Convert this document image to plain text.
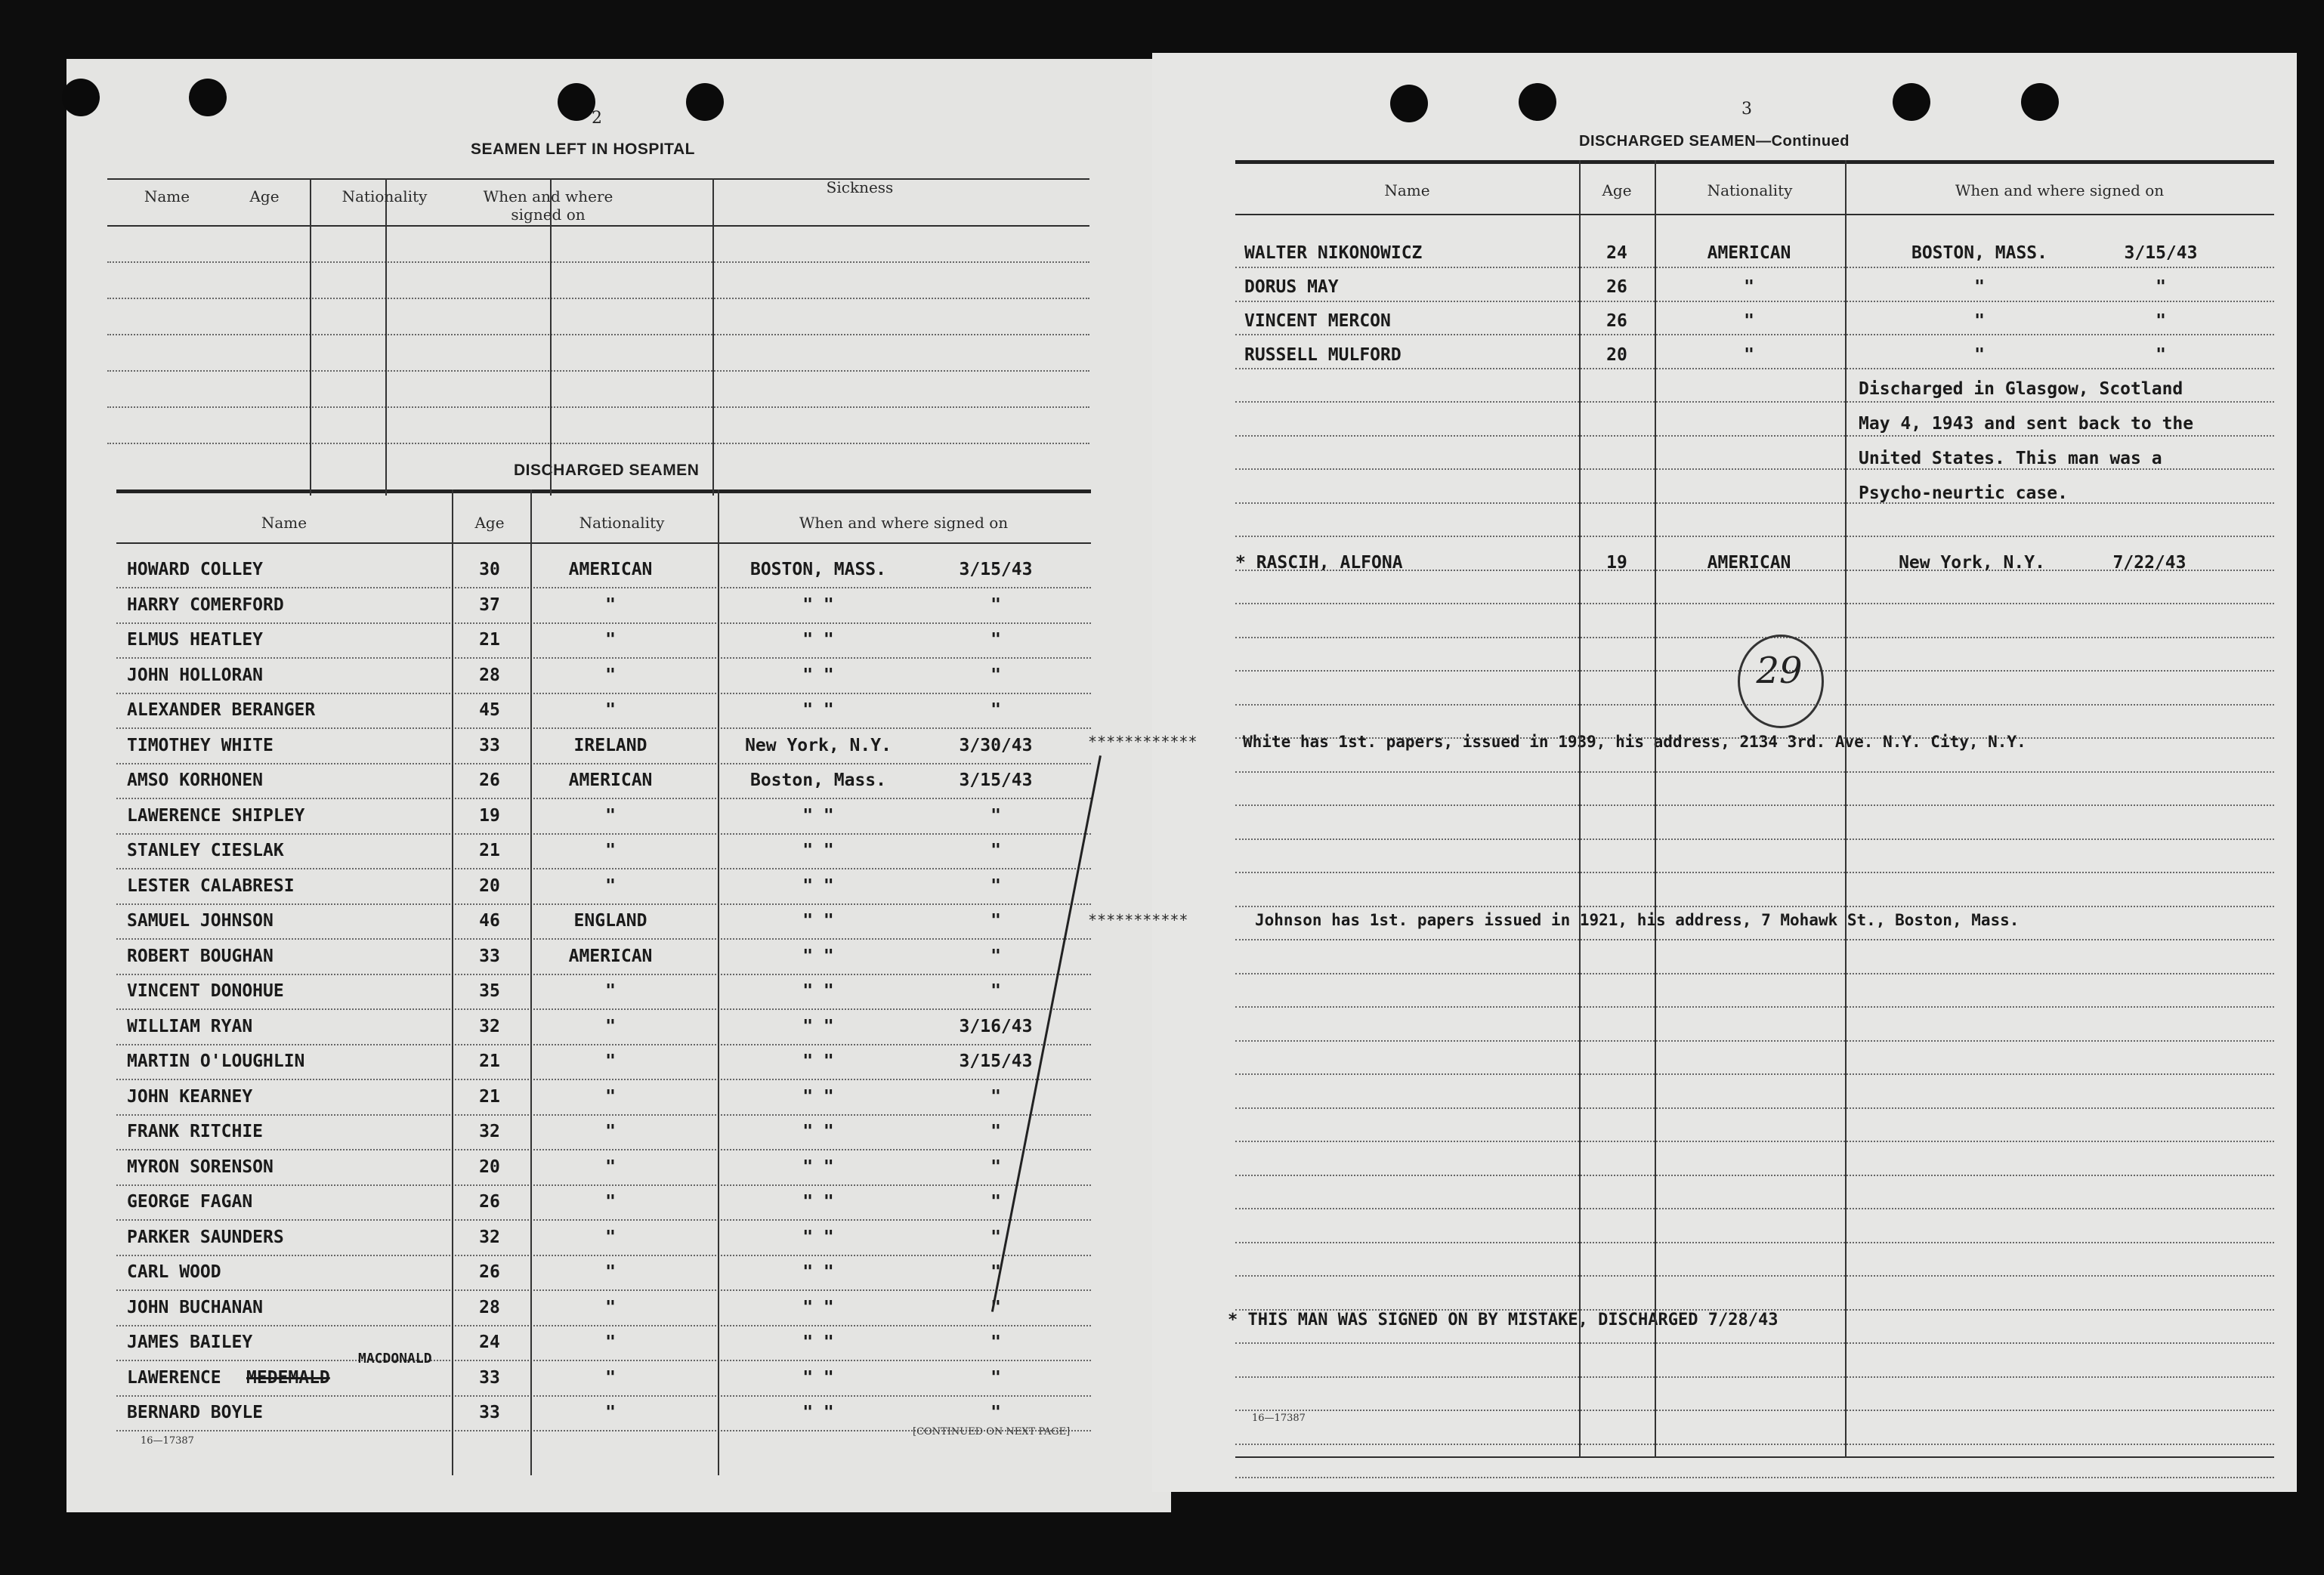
2
SEAMEN LEFT IN HOSPITAL
Name	Age	Nationality	When and where signed on
Sickness
DISCHARGED SEAMEN
Name	Age	Nationality	When and where signed on
HOWARD COLLEY	30	AMERICAN	BOSTON, MASS.	3/15/43
HARRY COMERFORD	37	"	" "	"
ELMUS HEATLEY	21	"	" "	"
JOHN HOLLORAN	28	"	" "	"
ALEXANDER BERANGER	45	"	" "	"
TIMOTHEY WHITE	33	IRELAND	New York, N.Y.	3/30/43
AMSO KORHONEN	26	AMERICAN	Boston, Mass.	3/15/43
LAWERENCE SHIPLEY	19	"	" "	"
STANLEY CIESLAK	21	"	" "	"
LESTER CALABRESI	20	"	" "	"
SAMUEL JOHNSON	46	ENGLAND	" "	"
ROBERT BOUGHAN	33	AMERICAN	" "	"
VINCENT DONOHUE	35	"	" "	"
WILLIAM RYAN	32	"	" "	3/16/43
MARTIN O'LOUGHLIN	21	"	" "	3/15/43
JOHN KEARNEY	21	"	" "	"
FRANK RITCHIE	32	"	" "	"
MYRON SORENSON	20	"	" "	"
GEORGE FAGAN	26	"	" "	"
PARKER SAUNDERS	32	"	" "	"
CARL WOOD	26	"	" "	"
JOHN BUCHANAN	28	"	" "	"
JAMES BAILEY	24	"	" "	"
LAWERENCE	33	"	" "	"
BERNARD BOYLE	33	"	" "	"
MEDEMALD
MACDONALD
16—17387
[CONTINUED ON NEXT PAGE]
3
DISCHARGED SEAMEN—Continued
Name	Age	Nationality	When and where signed on
WALTER NIKONOWICZ	24	AMERICAN	BOSTON, MASS.	3/15/43
DORUS MAY	26	"	"	"
VINCENT MERCON	26	"	"	"
RUSSELL MULFORD	20	"	"	"
Discharged in Glasgow, Scotland
May 4, 1943 and sent back to the
United States. This man was a
Psycho-neurtic case.
* RASCIH, ALFONA	19	AMERICAN	New York, N.Y.	7/22/43
************	White has 1st. papers, issued in 1939, his address, 2134 3rd. Ave. N.Y. City, N.Y.
***********	Johnson has 1st. papers issued in 1921, his address, 7 Mohawk St., Boston, Mass.
* THIS MAN WAS SIGNED ON BY MISTAKE, DISCHARGED 7/28/43
29
16—17387
